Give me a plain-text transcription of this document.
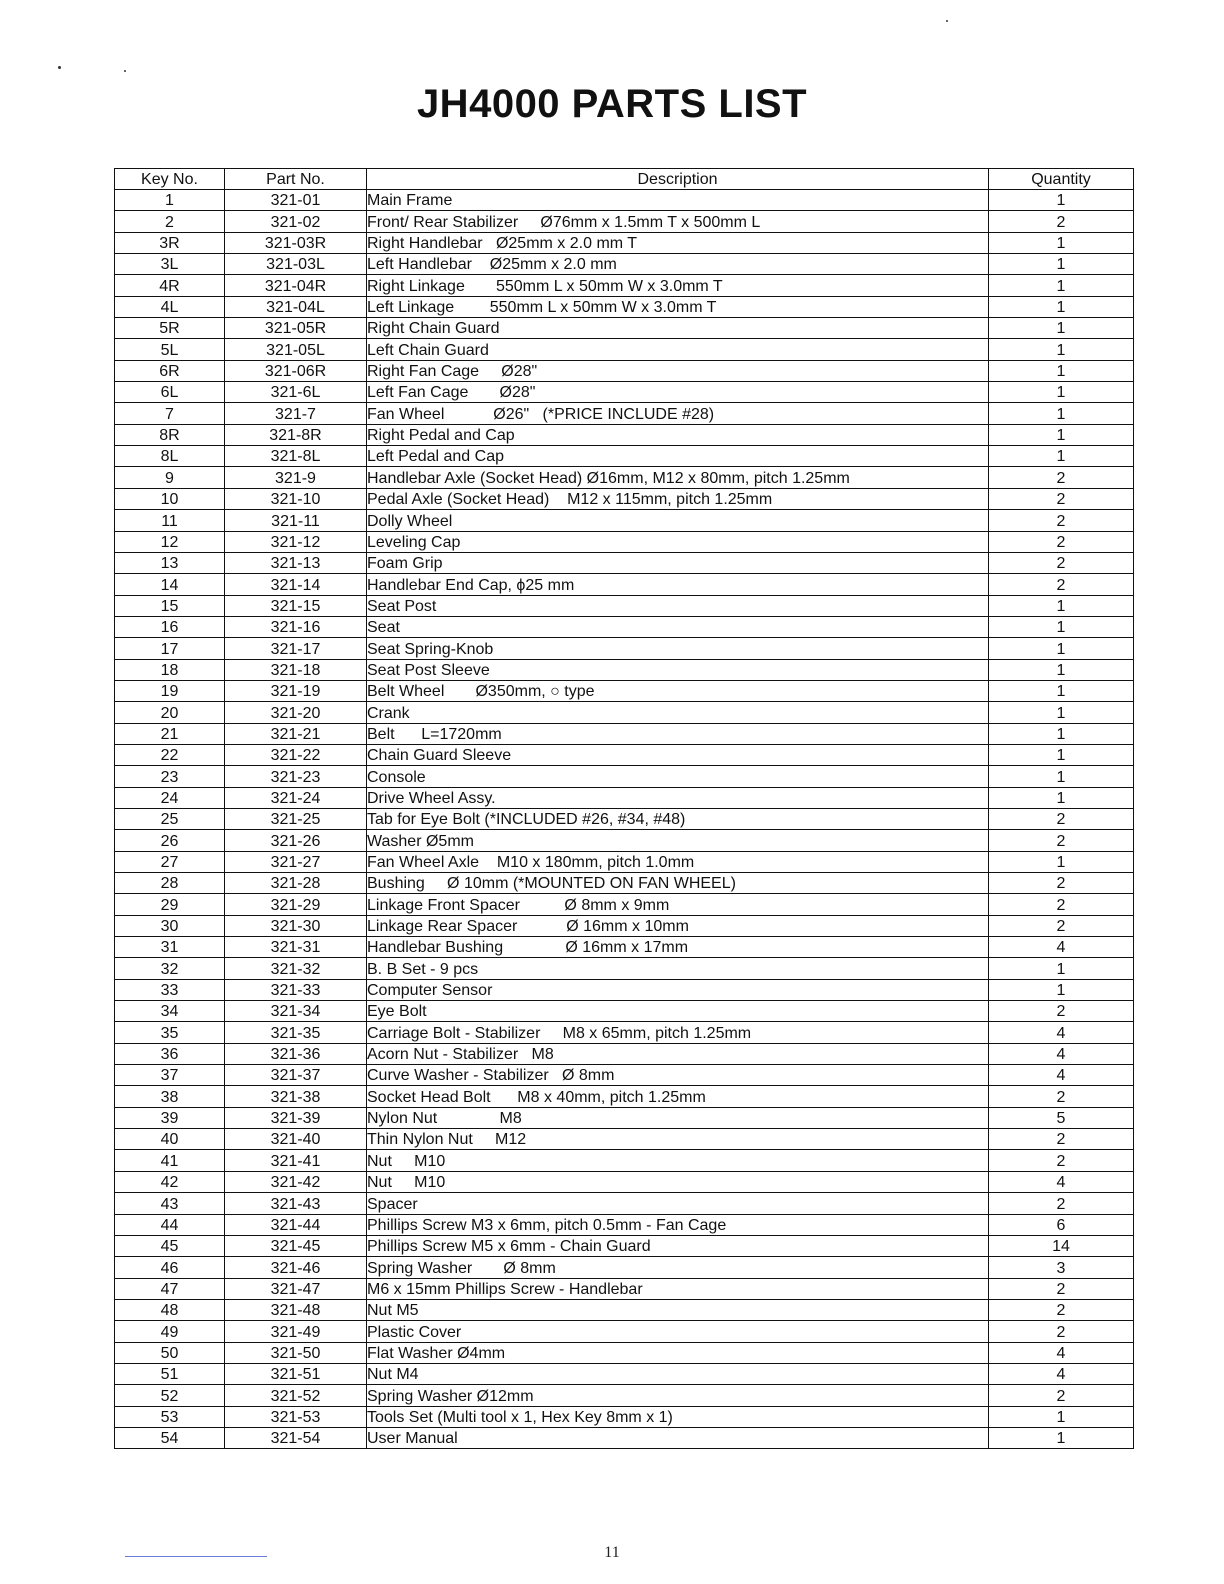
JH4000 PARTS LIST
Key No.	Part No.	Description	Quantity
1	321-01	Main Frame	1
2	321-02	Front/ Rear Stabilizer     Ø76mm x 1.5mm T x 500mm L	2
3R	321-03R	Right Handlebar   Ø25mm x 2.0 mm T	1
3L	321-03L	Left Handlebar    Ø25mm x 2.0 mm	1
4R	321-04R	Right Linkage       550mm L x 50mm W x 3.0mm T	1
4L	321-04L	Left Linkage        550mm L x 50mm W x 3.0mm T	1
5R	321-05R	Right Chain Guard	1
5L	321-05L	Left Chain Guard	1
6R	321-06R	Right Fan Cage     Ø28"	1
6L	321-6L	Left Fan Cage       Ø28"	1
7	321-7	Fan Wheel           Ø26"   (*PRICE INCLUDE #28)	1
8R	321-8R	Right Pedal and Cap	1
8L	321-8L	Left Pedal and Cap	1
9	321-9	Handlebar Axle (Socket Head) Ø16mm, M12 x 80mm, pitch 1.25mm	2
10	321-10	Pedal Axle (Socket Head)    M12 x 115mm, pitch 1.25mm	2
11	321-11	Dolly Wheel	2
12	321-12	Leveling Cap	2
13	321-13	Foam Grip	2
14	321-14	Handlebar End Cap, ϕ25 mm	2
15	321-15	Seat Post	1
16	321-16	Seat	1
17	321-17	Seat Spring-Knob	1
18	321-18	Seat Post Sleeve	1
19	321-19	Belt Wheel       Ø350mm, ○ type	1
20	321-20	Crank	1
21	321-21	Belt      L=1720mm	1
22	321-22	Chain Guard Sleeve	1
23	321-23	Console	1
24	321-24	Drive Wheel Assy.	1
25	321-25	Tab for Eye Bolt (*INCLUDED #26, #34, #48)	2
26	321-26	Washer Ø5mm	2
27	321-27	Fan Wheel Axle    M10 x 180mm, pitch 1.0mm	1
28	321-28	Bushing     Ø 10mm (*MOUNTED ON FAN WHEEL)	2
29	321-29	Linkage Front Spacer          Ø 8mm x 9mm	2
30	321-30	Linkage Rear Spacer           Ø 16mm x 10mm	2
31	321-31	Handlebar Bushing              Ø 16mm x 17mm	4
32	321-32	B. B Set - 9 pcs	1
33	321-33	Computer Sensor	1
34	321-34	Eye Bolt	2
35	321-35	Carriage Bolt - Stabilizer     M8 x 65mm, pitch 1.25mm	4
36	321-36	Acorn Nut - Stabilizer   M8	4
37	321-37	Curve Washer - Stabilizer   Ø 8mm	4
38	321-38	Socket Head Bolt      M8 x 40mm, pitch 1.25mm	2
39	321-39	Nylon Nut              M8	5
40	321-40	Thin Nylon Nut     M12	2
41	321-41	Nut     M10	2
42	321-42	Nut     M10	4
43	321-43	Spacer	2
44	321-44	Phillips Screw M3 x 6mm, pitch 0.5mm - Fan Cage	6
45	321-45	Phillips Screw M5 x 6mm - Chain Guard	14
46	321-46	Spring Washer       Ø 8mm	3
47	321-47	M6 x 15mm Phillips Screw - Handlebar	2
48	321-48	Nut M5	2
49	321-49	Plastic Cover	2
50	321-50	Flat Washer Ø4mm	4
51	321-51	Nut M4	4
52	321-52	Spring Washer Ø12mm	2
53	321-53	Tools Set (Multi tool x 1, Hex Key 8mm x 1)	1
54	321-54	User Manual	1
11
